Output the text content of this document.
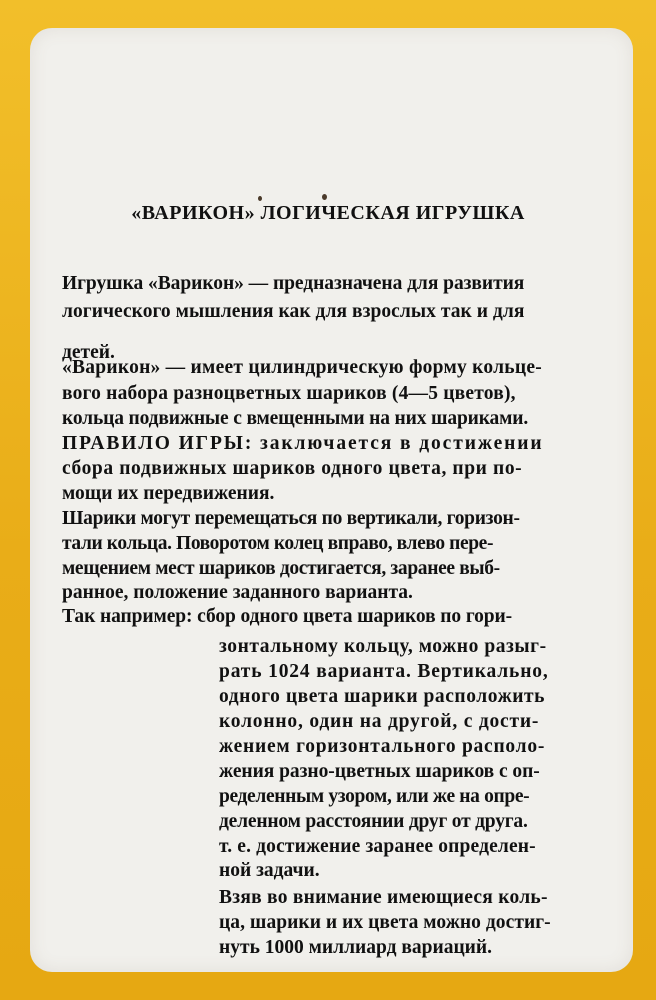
«ВАРИКОН» ЛОГИЧЕСКАЯ ИГРУШКА
Игрушка «Варикон» — предназначена для развития
логического мышления как для взрослых так и для
детей.
«Варикон» — имеет цилиндрическую форму кольце-
вого набора разноцветных шариков (4—5 цветов),
кольца подвижные с вмещенными на них шариками.
ПРАВИЛО ИГРЫ: заключается в достижении
сбора подвижных шариков одного цвета, при по-
мощи их передвижения.
Шарики могут перемещаться по вертикали, горизон-
тали кольца. Поворотом колец вправо, влево пере-
мещением мест шариков достигается, заранее выб-
ранное, положение заданного варианта.
Так например: сбор одного цвета шариков по гори-
зонтальному кольцу, можно разыг-
рать 1024 варианта. Вертикально,
одного цвета шарики расположить
колонно, один на другой, с дости-
жением горизонтального располо-
жения разно-цветных шариков с оп-
ределенным узором, или же на опре-
деленном расстоянии друг от друга.
т. е. достижение заранее определен-
ной задачи.
Взяв во внимание имеющиеся коль-
ца, шарики и их цвета можно достиг-
нуть 1000 миллиард вариаций.
